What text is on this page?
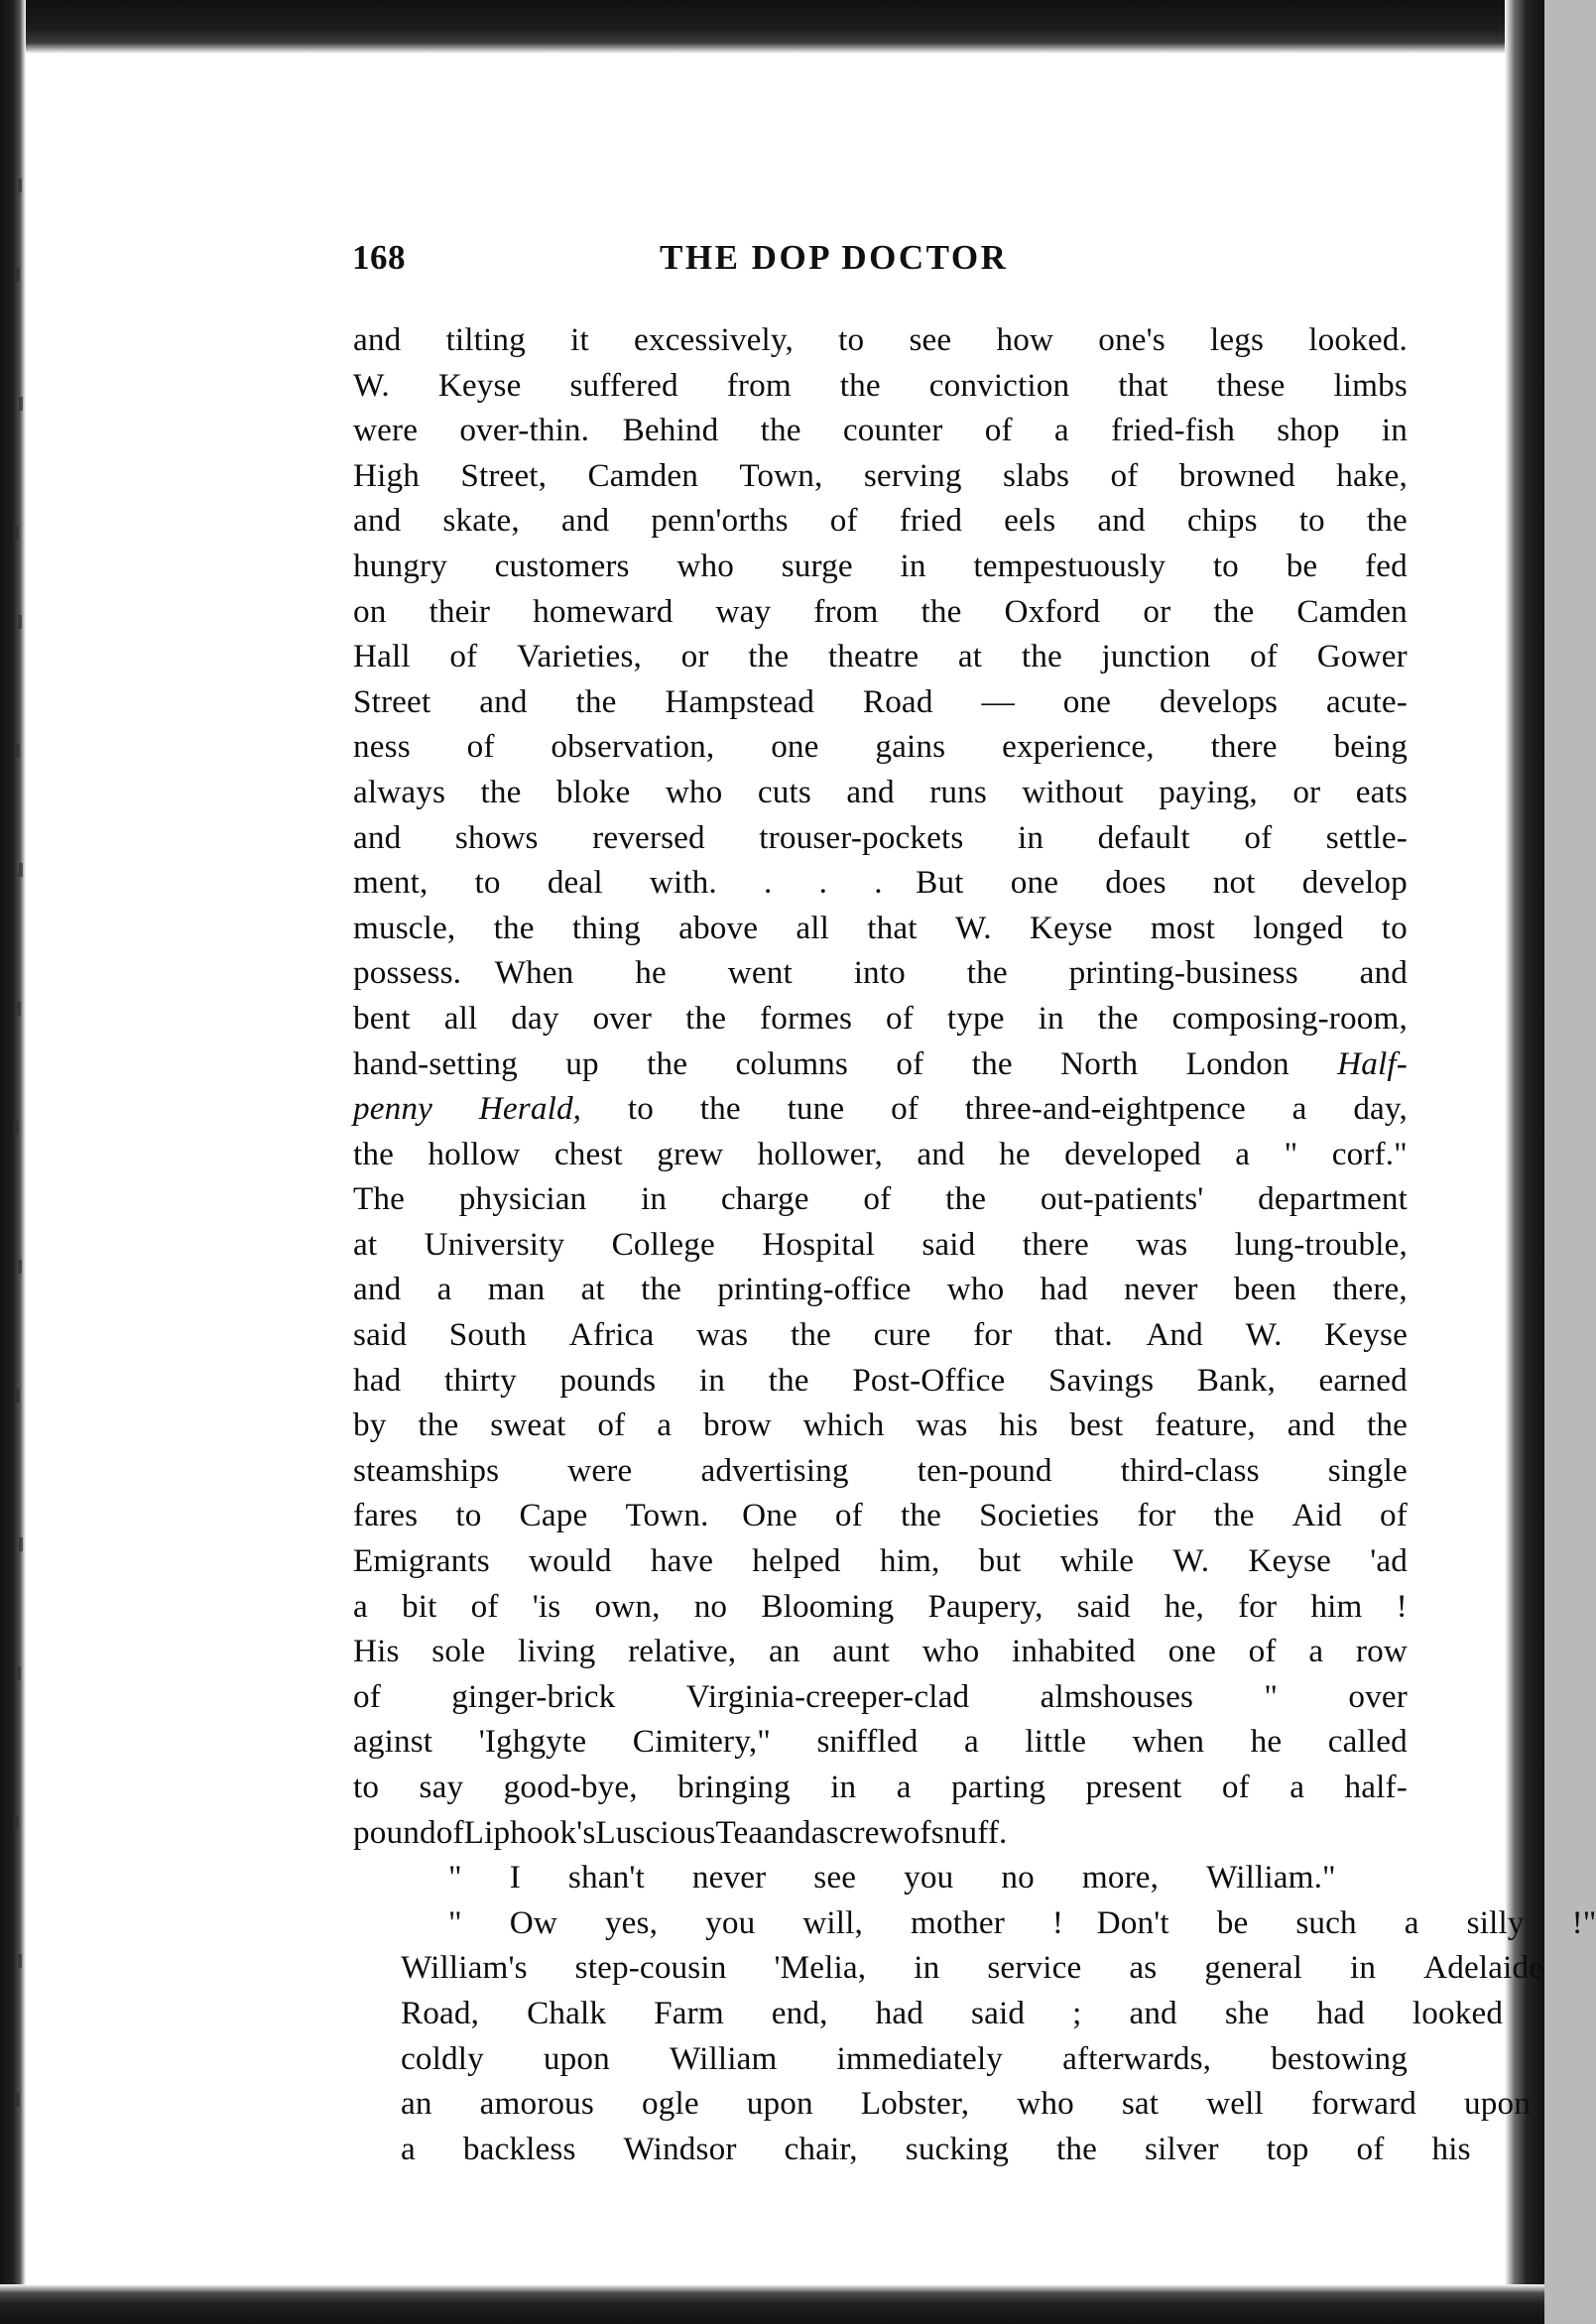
168	THE DOP DOCTOR

and tilting it excessively, to see how one's legs looked.
W. Keyse suffered from the conviction that these limbs
were over-thin.  Behind the counter of a fried-fish shop in
High Street, Camden Town, serving slabs of browned hake,
and skate, and penn'orths of fried eels and chips to the
hungry customers who surge in tempestuously to be fed
on their homeward way from the Oxford or the Camden
Hall of Varieties, or the theatre at the junction of Gower
Street and the Hampstead Road — one develops acute-
ness of observation, one gains experience, there being
always the bloke who cuts and runs without paying, or eats
and shows reversed trouser-pockets in default of settle-
ment, to deal with. . . .  But one does not develop
muscle, the thing above all that W. Keyse most longed to
possess.  When he went into the printing-business and
bent all day over the formes of type in the composing-room,
hand-setting up the columns of the North London Half-
penny Herald, to the tune of three-and-eightpence a day,
the hollow chest grew hollower, and he developed a " corf."
The physician in charge of the out-patients' department
at University College Hospital said there was lung-trouble,
and a man at the printing-office who had never been there,
said South Africa was the cure for that.  And W. Keyse
had thirty pounds in the Post-Office Savings Bank, earned
by the sweat of a brow which was his best feature, and the
steamships were advertising ten-pound third-class single
fares to Cape Town.  One of the Societies for the Aid of
Emigrants would have helped him, but while W. Keyse 'ad
a bit of 'is own, no Blooming Paupery, said he, for him !
His sole living relative, an aunt who inhabited one of a row
of ginger-brick Virginia-creeper-clad almshouses " over
aginst 'Ighgyte Cimitery," sniffled a little when he called
to say good-bye, bringing in a parting present of a half-
pound of Liphook's Luscious Tea and a screw of snuff.

"	I	shan't	never	see	you	no	more,	William."

"	Ow	yes,	you	will,	mother	!  Don't	be	such	a	silly	!"
William's	step-cousin	'Melia,	in	service	as	general	in	Adelaide
Road,	Chalk	Farm	end,	had	said	;	and	she	had	looked
coldly	upon	William	immediately	afterwards,	bestowing
an	amorous	ogle	upon	Lobster,	who	sat	well	forward	upon
a	backless	Windsor	chair,	sucking	the	silver	top	of	his
